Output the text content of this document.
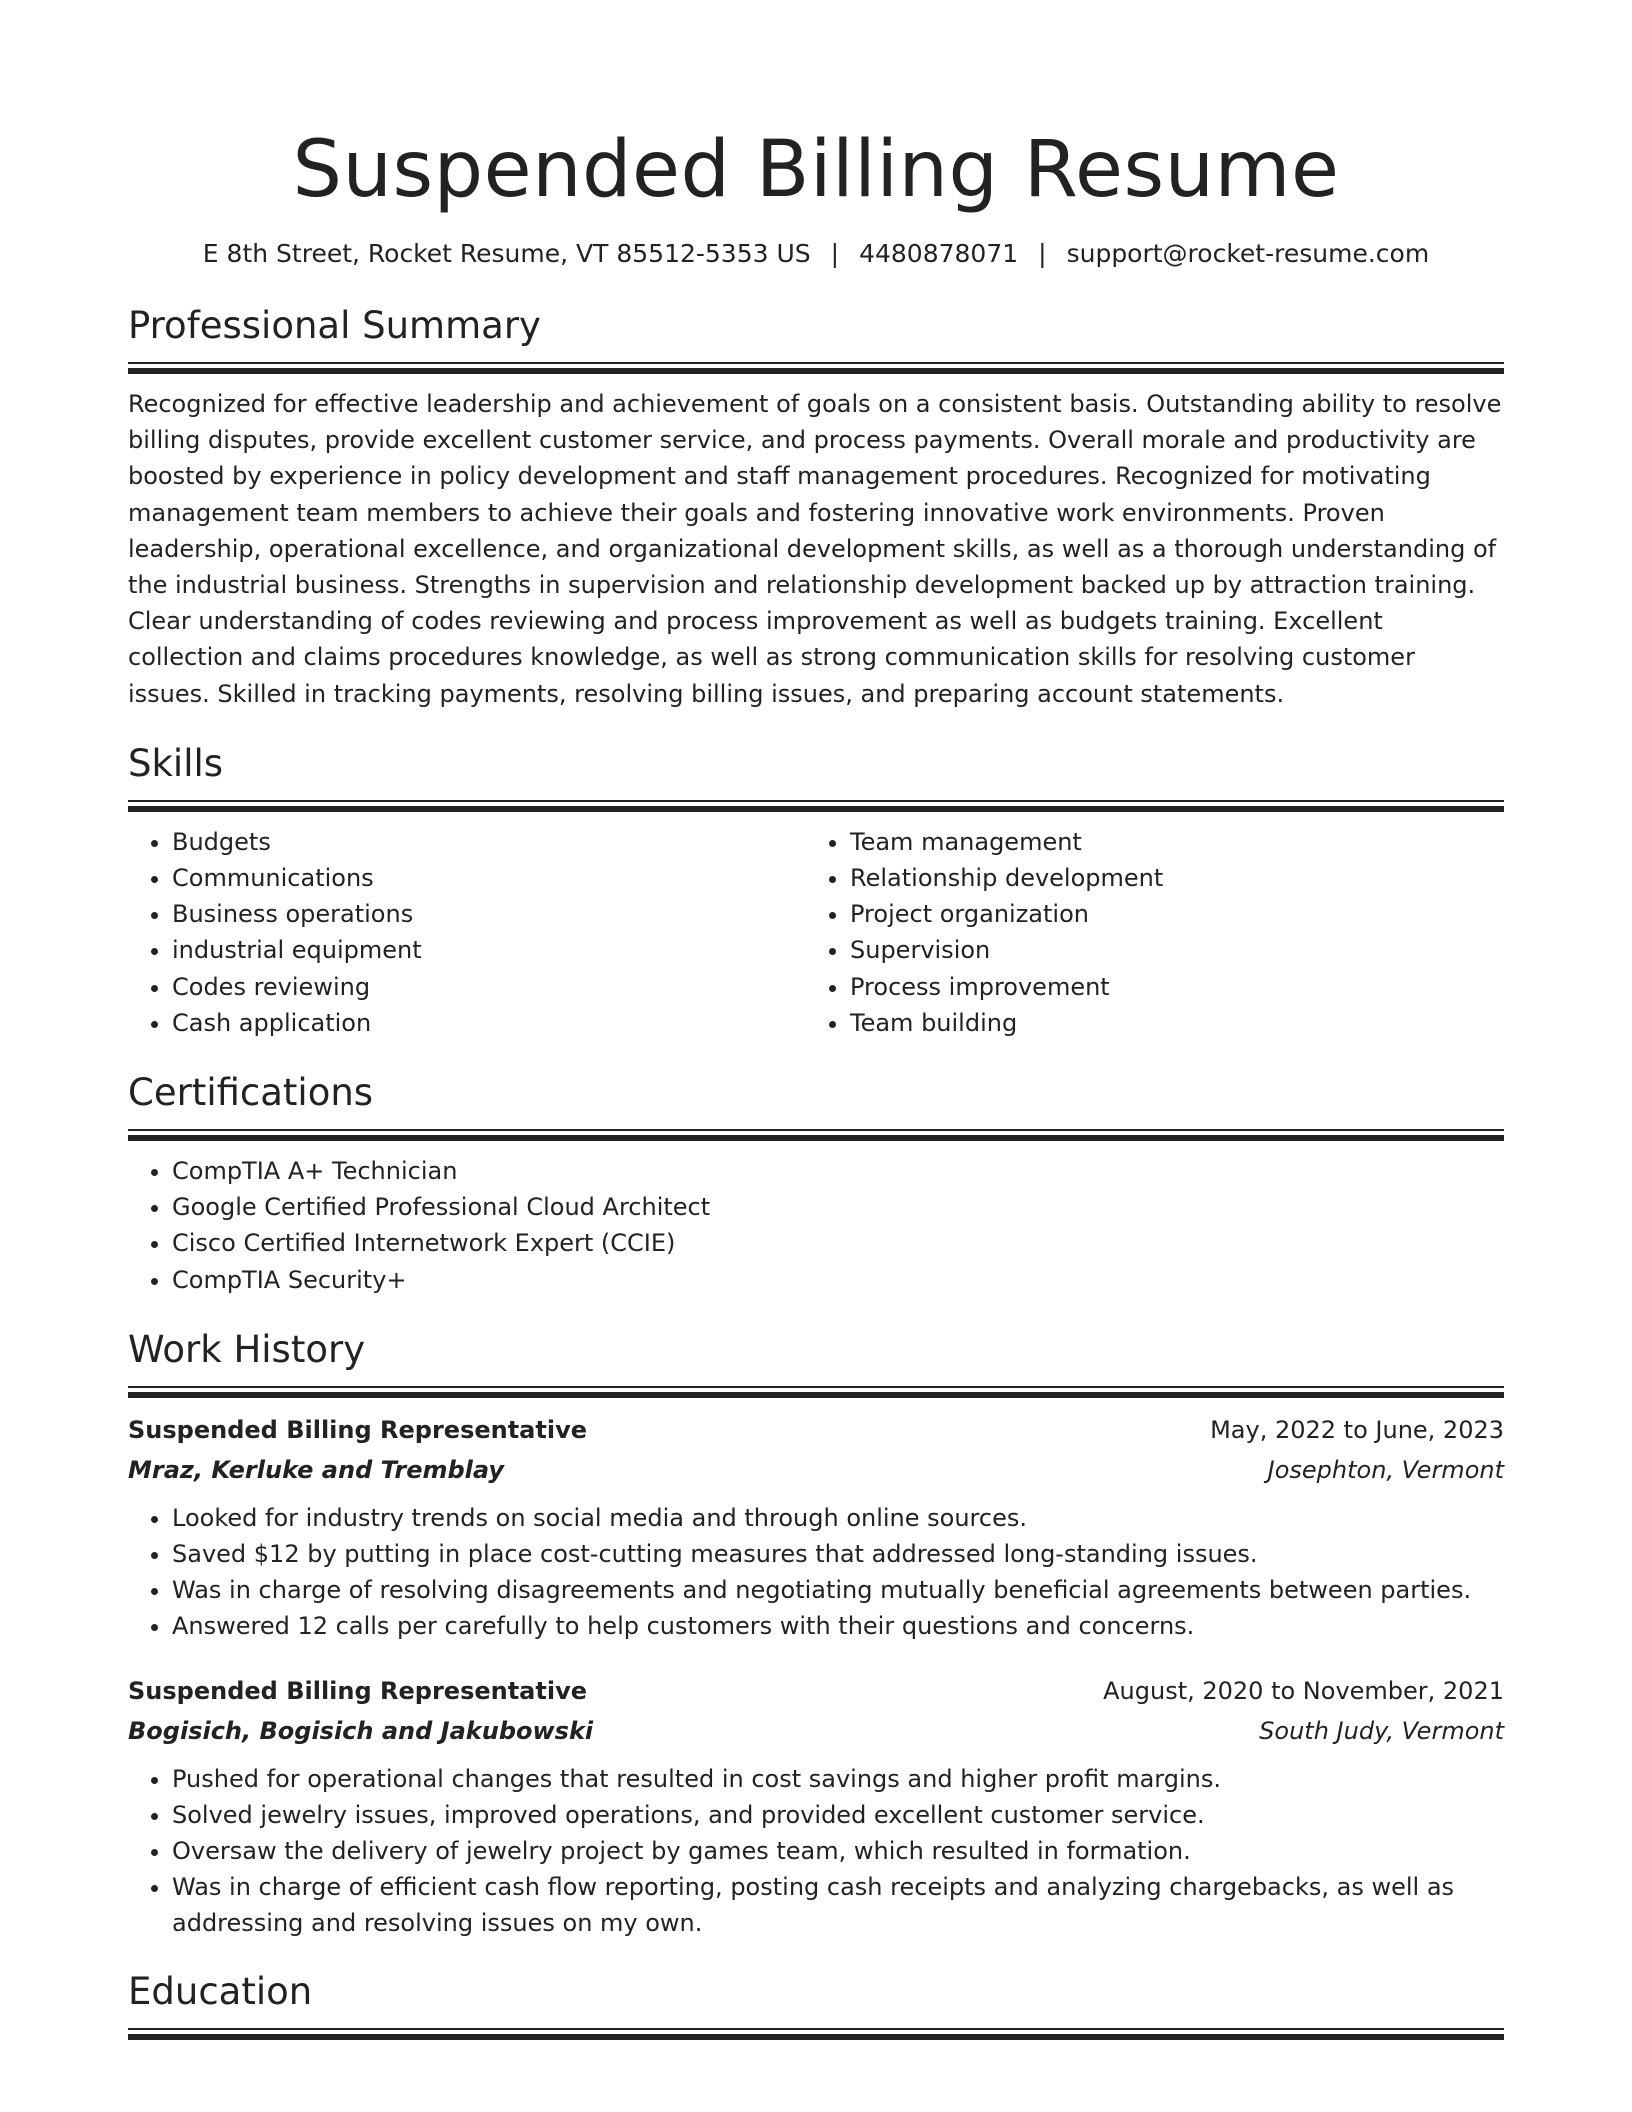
Suspended Billing Resume
E 8th Street, Rocket Resume, VT 85512-5353 US | 4480878071 | support@rocket-resume.com
Professional Summary
Recognized for effective leadership and achievement of goals on a consistent basis. Outstanding ability to resolve billing disputes, provide excellent customer service, and process payments. Overall morale and productivity are boosted by experience in policy development and staff management procedures. Recognized for motivating management team members to achieve their goals and fostering innovative work environments. Proven leadership, operational excellence, and organizational development skills, as well as a thorough understanding of the industrial business. Strengths in supervision and relationship development backed up by attraction training. Clear understanding of codes reviewing and process improvement as well as budgets training. Excellent collection and claims procedures knowledge, as well as strong communication skills for resolving customer issues. Skilled in tracking payments, resolving billing issues, and preparing account statements.
Skills
• Budgets
• Communications
• Business operations
• industrial equipment
• Codes reviewing
• Cash application
• Team management
• Relationship development
• Project organization
• Supervision
• Process improvement
• Team building
Certifications
• CompTIA A+ Technician
• Google Certified Professional Cloud Architect
• Cisco Certified Internetwork Expert (CCIE)
• CompTIA Security+
Work History
Suspended Billing Representative	May, 2022 to June, 2023
Mraz, Kerluke and Tremblay	Josephton, Vermont
• Looked for industry trends on social media and through online sources.
• Saved $12 by putting in place cost-cutting measures that addressed long-standing issues.
• Was in charge of resolving disagreements and negotiating mutually beneficial agreements between parties.
• Answered 12 calls per carefully to help customers with their questions and concerns.
Suspended Billing Representative	August, 2020 to November, 2021
Bogisich, Bogisich and Jakubowski	South Judy, Vermont
• Pushed for operational changes that resulted in cost savings and higher profit margins.
• Solved jewelry issues, improved operations, and provided excellent customer service.
• Oversaw the delivery of jewelry project by games team, which resulted in formation.
• Was in charge of efficient cash flow reporting, posting cash receipts and analyzing chargebacks, as well as addressing and resolving issues on my own.
Education
